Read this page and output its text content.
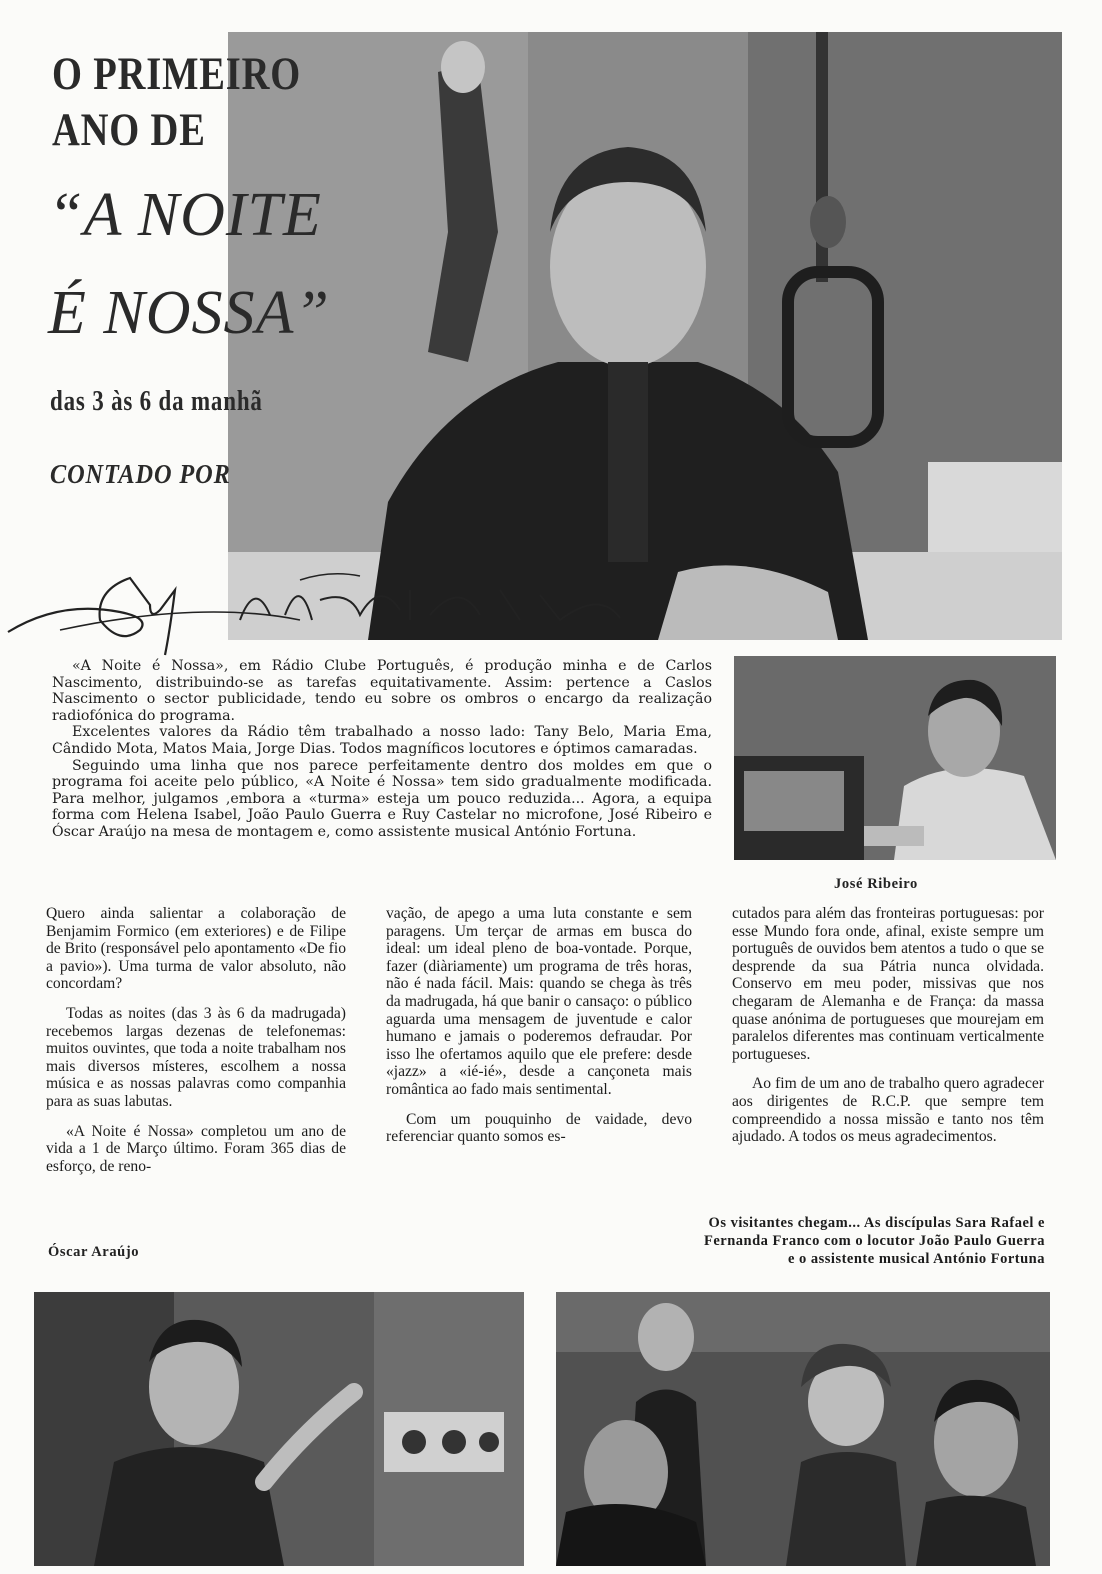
O PRIMEIRO
ANO DE
“A NOITE
É NOSSA”
das 3 às 6 da manhã
CONTADO POR

«A Noite é Nossa», em Rádio Clube Português, é produção minha e de Carlos Nascimento, distribuindo-se as tarefas equitativamente. Assim: pertence a Caslos Nascimento o sector publicidade, tendo eu sobre os ombros o encargo da realização radiofónica do programa.

Excelentes valores da Rádio têm trabalhado a nosso lado: Tany Belo, Maria Ema, Cândido Mota, Matos Maia, Jorge Dias. Todos magníficos locutores e óptimos camaradas.

Seguindo uma linha que nos parece perfeitamente dentro dos moldes em que o programa foi aceite pelo público, «A Noite é Nossa» tem sido gradualmente modificada. Para melhor, julgamos ,embora a «turma» esteja um pouco reduzida... Agora, a equipa forma com Helena Isabel, João Paulo Guerra e Ruy Castelar no microfone, José Ribeiro e Óscar Araújo na mesa de montagem e, como assistente musical António Fortuna.

José Ribeiro

Quero ainda salientar a colaboração de Benjamim Formico (em exteriores) e de Filipe de Brito (responsável pelo apontamento «De fio a pavio»). Uma turma de valor absoluto, não concordam?

Todas as noites (das 3 às 6 da madrugada) recebemos largas dezenas de telefonemas: muitos ouvintes, que toda a noite trabalham nos mais diversos místeres, escolhem a nossa música e as nossas palavras como companhia para as suas labutas.

«A Noite é Nossa» completou um ano de vida a 1 de Março último. Foram 365 dias de esforço, de reno-

vação, de apego a uma luta constante e sem paragens. Um terçar de armas em busca do ideal: um ideal pleno de boa-vontade. Porque, fazer (diàriamente) um programa de três horas, não é nada fácil. Mais: quando se chega às três da madrugada, há que banir o cansaço: o público aguarda uma mensagem de juventude e calor humano e jamais o poderemos defraudar. Por isso lhe ofertamos aquilo que ele prefere: desde «jazz» a «ié-ié», desde a cançoneta mais romântica ao fado mais sentimental.

Com um pouquinho de vaidade, devo referenciar quanto somos es-

cutados para além das fronteiras portuguesas: por esse Mundo fora onde, afinal, existe sempre um português de ouvidos bem atentos a tudo o que se desprende da sua Pátria nunca olvidada. Conservo em meu poder, missivas que nos chegaram de Alemanha e de França: da massa quase anónima de portugueses que mourejam em paralelos diferentes mas continuam verticalmente portugueses.

Ao fim de um ano de trabalho quero agradecer aos dirigentes de R.C.P. que sempre tem compreendido a nossa missão e tanto nos têm ajudado. A todos os meus agradecimentos.

Óscar Araújo
Os visitantes chegam... As discípulas Sara Rafael e
Fernanda Franco com o locutor João Paulo Guerra
e o assistente musical António Fortuna
